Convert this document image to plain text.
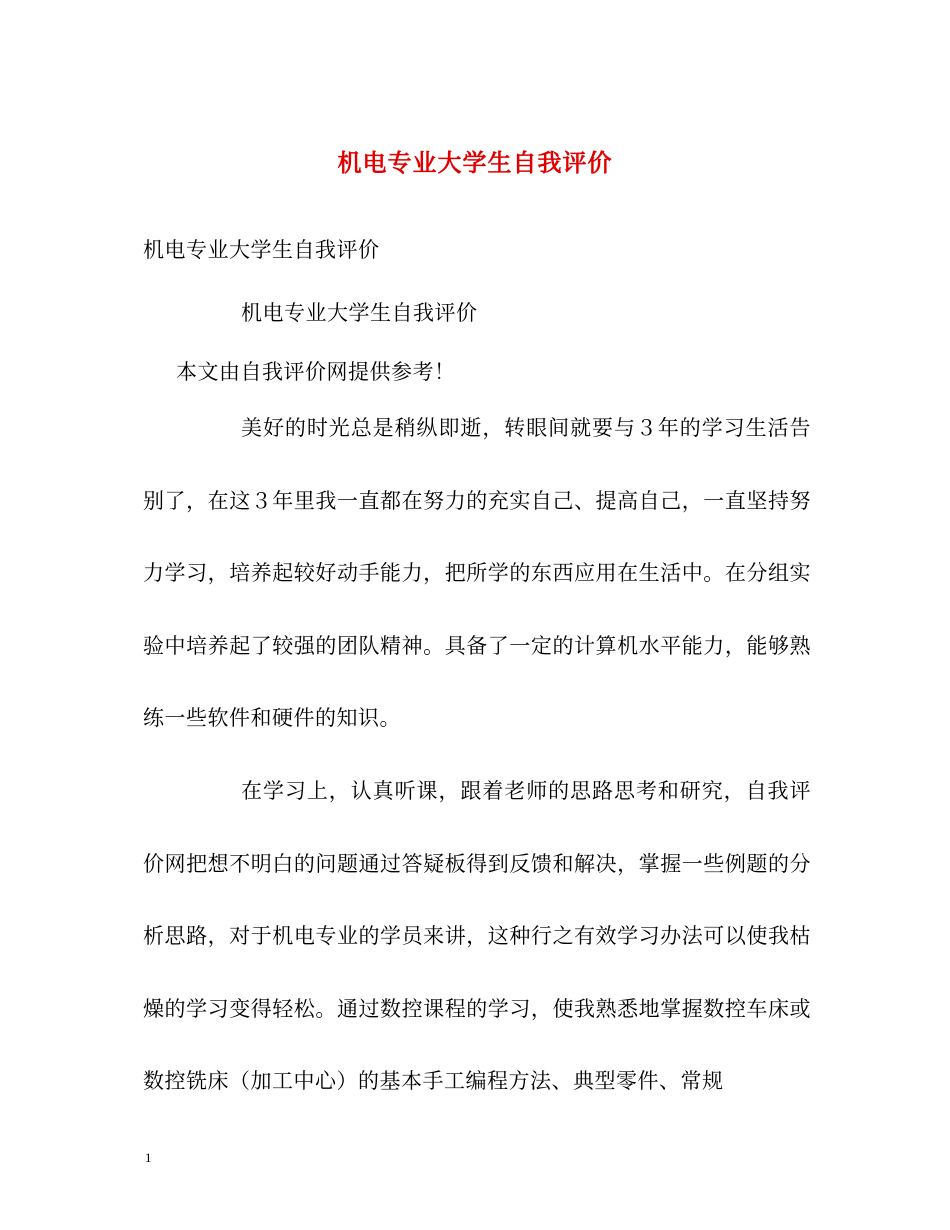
机电专业大学生自我评价
机电专业大学生自我评价
机电专业大学生自我评价
本文由自我评价网提供参考！

美好的时光总是稍纵即逝，转眼间就要与３年的学习生活告别了，在这３年里我一直都在努力的充实自己、提高自己，一直坚持努力学习，培养起较好动手能力，把所学的东西应用在生活中。在分组实验中培养起了较强的团队精神。具备了一定的计算机水平能力，能够熟练一些软件和硬件的知识。

在学习上，认真听课，跟着老师的思路思考和研究，自我评价网把想不明白的问题通过答疑板得到反馈和解决，掌握一些例题的分析思路，对于机电专业的学员来讲，这种行之有效学习办法可以使我枯燥的学习变得轻松。通过数控课程的学习，使我熟悉地掌握数控车床或数控铣床（加工中心）的基本手工编程方法、典型零件、常规

1
